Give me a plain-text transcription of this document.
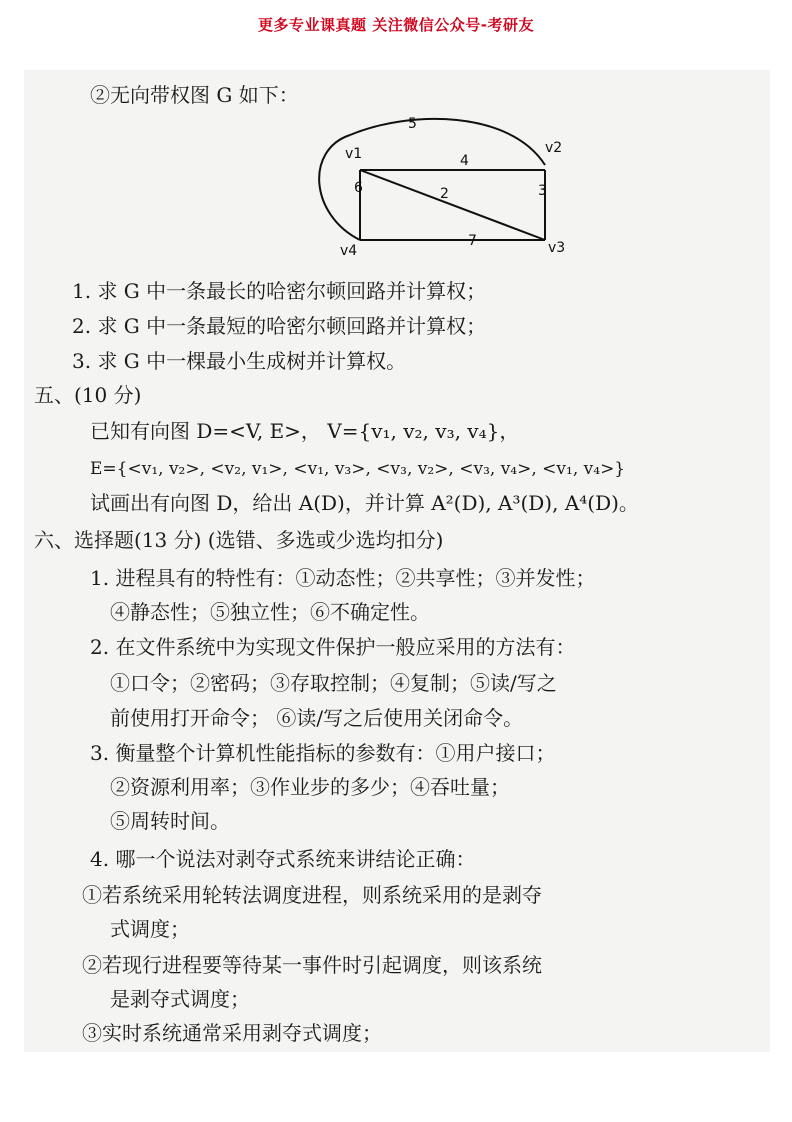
更多专业课真题 关注微信公众号-考研友
②无向带权图 G 如下：
v1	v2
v3
v4
4
3
7
6	2
5
1. 求 G 中一条最长的哈密尔顿回路并计算权；
2. 求 G 中一条最短的哈密尔顿回路并计算权；
3. 求 G 中一棵最小生成树并计算权。
五、(10 分)
已知有向图 D=<V, E>， V={v₁, v₂, v₃, v₄}，
E={<v₁, v₂>, <v₂, v₁>, <v₁, v₃>, <v₃, v₂>, <v₃, v₄>, <v₁, v₄>}
试画出有向图 D，给出 A(D)，并计算 A²(D), A³(D), A⁴(D)。
六、选择题(13 分) (选错、多选或少选均扣分)
1. 进程具有的特性有：①动态性；②共享性；③并发性；
④静态性；⑤独立性；⑥不确定性。
2. 在文件系统中为实现文件保护一般应采用的方法有：
①口令；②密码；③存取控制；④复制；⑤读/写之
前使用打开命令； ⑥读/写之后使用关闭命令。
3. 衡量整个计算机性能指标的参数有：①用户接口；
②资源利用率；③作业步的多少；④吞吐量；
⑤周转时间。
4. 哪一个说法对剥夺式系统来讲结论正确：
①若系统采用轮转法调度进程，则系统采用的是剥夺
式调度；
②若现行进程要等待某一事件时引起调度，则该系统
是剥夺式调度；
③实时系统通常采用剥夺式调度；
